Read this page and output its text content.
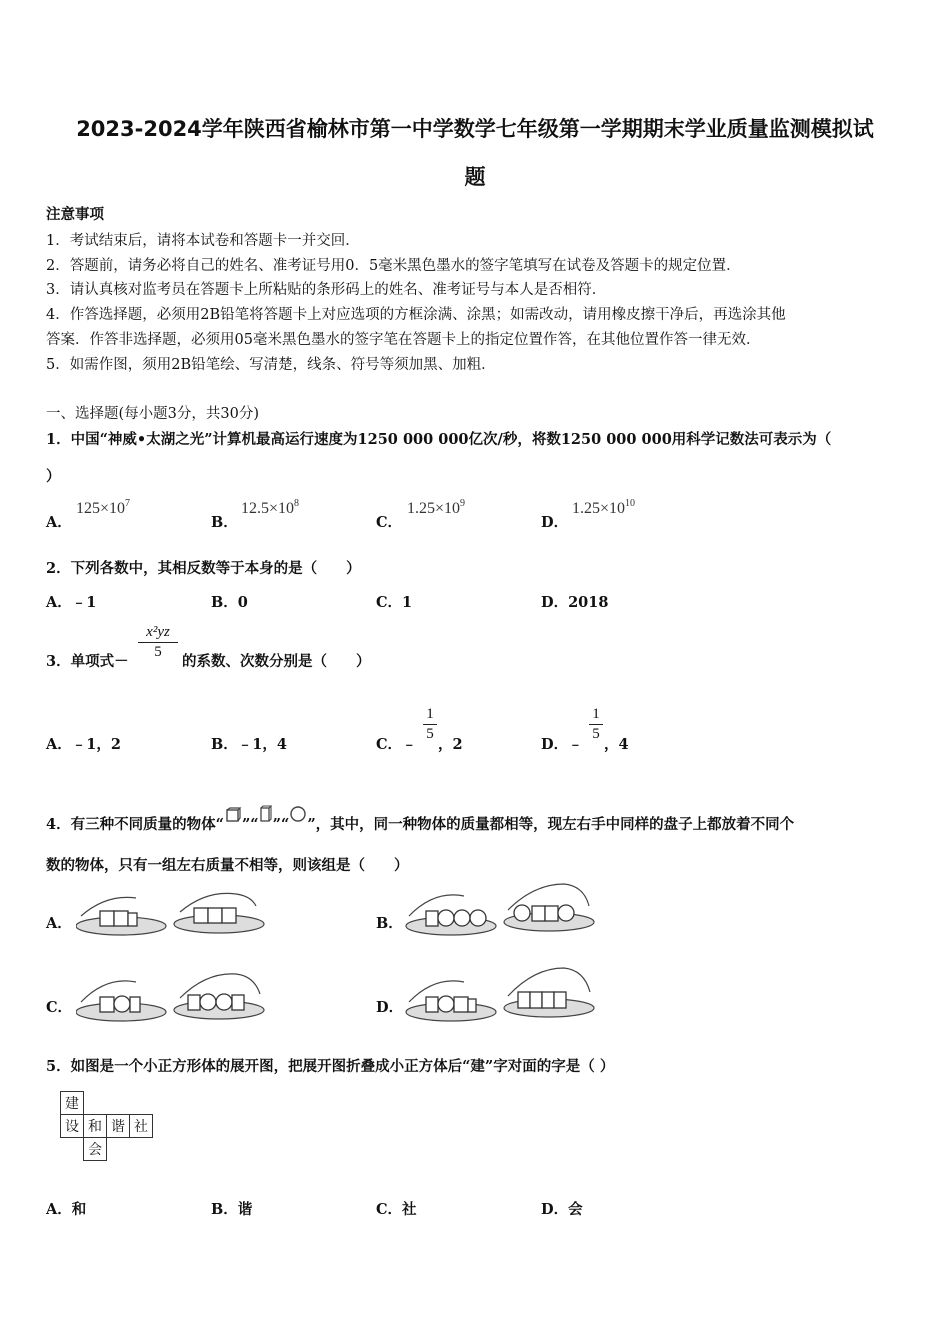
2023-2024学年陕西省榆林市第一中学数学七年级第一学期期末学业质量监测模拟试
题
注意事项
1．考试结束后，请将本试卷和答题卡一并交回．
2．答题前，请务必将自己的姓名、准考证号用0．5毫米黑色墨水的签字笔填写在试卷及答题卡的规定位置．
3．请认真核对监考员在答题卡上所粘贴的条形码上的姓名、准考证号与本人是否相符．
4．作答选择题，必须用2B铅笔将答题卡上对应选项的方框涂满、涂黑；如需改动，请用橡皮擦干净后，再选涂其他
答案．作答非选择题，必须用05毫米黑色墨水的签字笔在答题卡上的指定位置作答，在其他位置作答一律无效．
5．如需作图，须用2B铅笔绘、写清楚，线条、符号等须加黑、加粗．
一、选择题(每小题3分，共30分)
1．中国“神威•太湖之光”计算机最高运行速度为1250 000 000亿次/秒，将数1250 000 000用科学记数法可表示为（
）
A．
$125\times 10^7$
B．
$12.5\times 10^8$
C．
$1.25\times 10^9$
D．
$1.25\times 10^{10}$
2．下列各数中，其相反数等于本身的是（　　）
A．﹣1	B．0	C．1	D．2018
3．单项式－
x²yz
5
的系数、次数分别是（　　）
A．﹣1，2	B．﹣1，4	C．﹣
1
5
，2	D．﹣
1
5
，4
4．有三种不同质量的物体“ ”“ ”“ ”，其中，同一种物体的质量都相等，现左右手中同样的盘子上都放着不同个
数的物体，只有一组左右质量不相等，则该组是（　　）
A．	B．
C．	D．
5．如图是一个小正方形体的展开图，把展开图折叠成小正方体后“建”字对面的字是（ ）
建			
设	和	谐	社
	会		
A．和	B．谐	C．社	D．会
